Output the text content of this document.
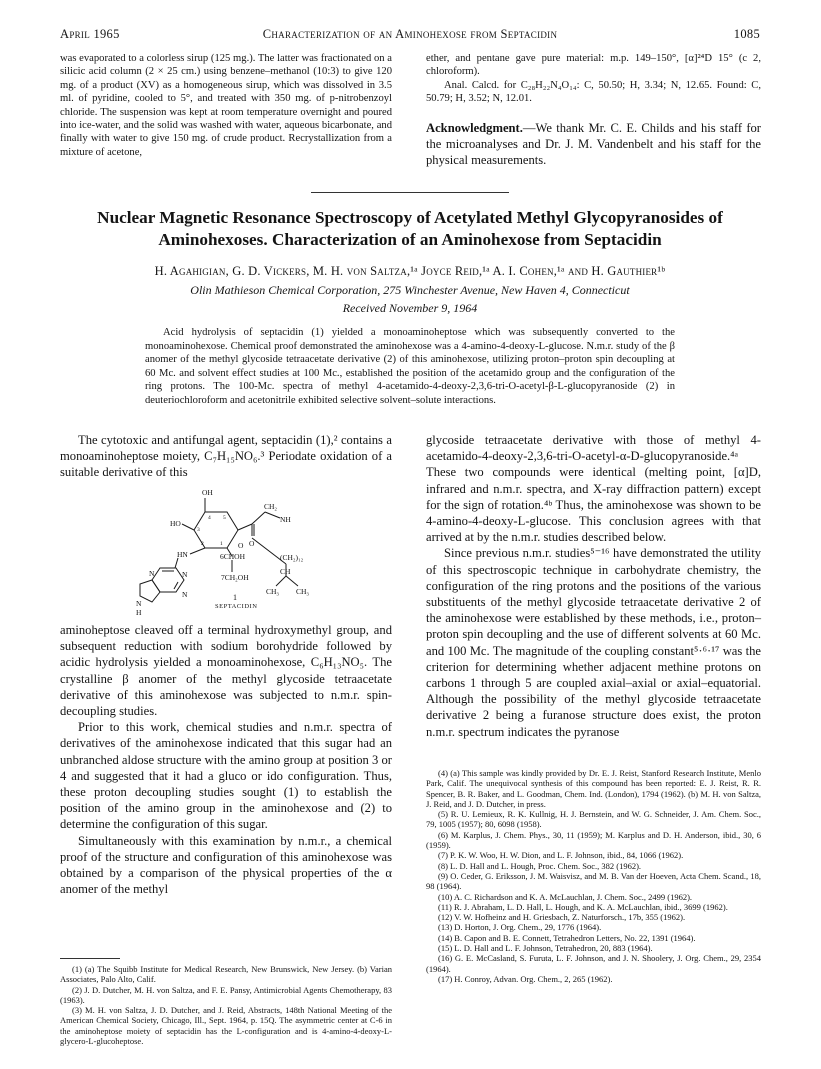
April 1965	Characterization of an Aminohexose from Septacidin	1085

was evaporated to a colorless sirup (125 mg.). The latter was fractionated on a silicic acid column (2 × 25 cm.) using benzene–methanol (10:3) to give 120 mg. of a product (XV) as a homogeneous sirup, which was dissolved in 3.5 ml. of pyridine, cooled to 5°, and treated with 350 mg. of p-nitrobenzoyl chloride. The suspension was kept at room temperature overnight and poured into ice-water, and the solid was washed with water, aqueous bicarbonate, and finally with water to give 150 mg. of crude product. Recrystallization from a mixture of acetone,

ether, and pentane gave pure material: m.p. 149–150°, [α]²⁴D 15° (c 2, chloroform).

Anal. Calcd. for C₂₈H₂₂N₄O₁₄: C, 50.50; H, 3.34; N, 12.65. Found: C, 50.79; H, 3.52; N, 12.01.

Acknowledgment.—We thank Mr. C. E. Childs and his staff for the microanalyses and Dr. J. M. Vandenbelt and his staff for the physical measurements.

Nuclear Magnetic Resonance Spectroscopy of Acetylated Methyl Glycopyranosides of Aminohexoses. Characterization of an Aminohexose from Septacidin
H. Agahigian, G. D. Vickers, M. H. von Saltza,¹ᵃ Joyce Reid,¹ᵃ A. I. Cohen,¹ᵃ and H. Gauthier¹ᵇ
Olin Mathieson Chemical Corporation, 275 Winchester Avenue, New Haven 4, Connecticut
Received November 9, 1964

Acid hydrolysis of septacidin (1) yielded a monoaminoheptose which was subsequently converted to the monoaminohexose. Chemical proof demonstrated the aminohexose was a 4-amino-4-deoxy-L-glucose. N.m.r. study of the β anomer of the methyl glycoside tetraacetate derivative (2) of this aminohexose, utilizing proton–proton spin decoupling at 60 Mc. and solvent effect studies at 100 Mc., established the position of the acetamido group and the configuration of the ring protons. The 100-Mc. spectra of methyl 4-acetamido-4-deoxy-2,3,6-tri-O-acetyl-β-L-glucopyranoside (2) in deuteriochloroform and acetonitrile exhibited selective solvent–solute interactions.

The cytotoxic and antifungal agent, septacidin (1),² contains a monoaminoheptose moiety, C₇H₁₅NO₆.³ Periodate oxidation of a suitable derivative of this

OH
HO
CH₂
NH
O
HN
O
6CHOH
7CH₂OH
(CH₂)₁₂
CH
CH₃ CH₃
N	N
N
N
H
1
2
3
4 5
1
SEPTACIDIN

aminoheptose cleaved off a terminal hydroxymethyl group, and subsequent reduction with sodium borohydride followed by acidic hydrolysis yielded a monoaminohexose, C₆H₁₃NO₅. The crystalline β anomer of the methyl glycoside tetraacetate derivative of this aminohexose was subjected to n.m.r. spin-decoupling studies.

Prior to this work, chemical studies and n.m.r. spectra of derivatives of the aminohexose indicated that this sugar had an unbranched aldose structure with the amino group at position 3 or 4 and suggested that it had a gluco or ido configuration. Thus, these proton decoupling studies sought (1) to establish the position of the amino group in the aminohexose and (2) to determine the configuration of this sugar.

Simultaneously with this examination by n.m.r., a chemical proof of the structure and configuration of this aminohexose was obtained by a comparison of the physical properties of the α anomer of the methyl

glycoside tetraacetate derivative with those of methyl 4-acetamido-4-deoxy-2,3,6-tri-O-acetyl-α-D-glucopyranoside.⁴ᵃ These two compounds were identical (melting point, [α]D, infrared and n.m.r. spectra, and X-ray diffraction pattern) except for the sign of rotation.⁴ᵇ Thus, the aminohexose was shown to be 4-amino-4-deoxy-L-glucose. This conclusion agrees with that arrived at by the n.m.r. studies described below.

Since previous n.m.r. studies⁵⁻¹⁶ have demonstrated the utility of this spectroscopic technique in carbohydrate chemistry, the configuration of the ring protons and the positions of the various substituents of the methyl glycoside tetraacetate derivative 2 of the aminohexose were established by these methods, i.e., proton–proton spin decoupling and the use of different solvents at 60 Mc. and 100 Mc. The magnitude of the coupling constant⁵·⁶·¹⁷ was the criterion for determining whether adjacent methine protons on carbons 1 through 5 are coupled axial–axial or axial–equatorial. Although the possibility of the methyl glycoside tetraacetate derivative 2 being a furanose structure does exist, the proton n.m.r. spectrum indicates the pyranose

(1) (a) The Squibb Institute for Medical Research, New Brunswick, New Jersey. (b) Varian Associates, Palo Alto, Calif.

(2) J. D. Dutcher, M. H. von Saltza, and F. E. Pansy, Antimicrobial Agents Chemotherapy, 83 (1963).

(3) M. H. von Saltza, J. D. Dutcher, and J. Reid, Abstracts, 148th National Meeting of the American Chemical Society, Chicago, Ill., Sept. 1964, p. 15Q. The asymmetric center at C-6 in the aminoheptose moiety of septacidin has the L-configuration and is 4-amino-4-deoxy-L-glycero-L-glucoheptose.

(4) (a) This sample was kindly provided by Dr. E. J. Reist, Stanford Research Institute, Menlo Park, Calif. The unequivocal synthesis of this compound has been reported: E. J. Reist, R. R. Spencer, B. R. Baker, and L. Goodman, Chem. Ind. (London), 1794 (1962). (b) M. H. von Saltza, J. Reid, and J. D. Dutcher, in press.

(5) R. U. Lemieux, R. K. Kullnig, H. J. Bernstein, and W. G. Schneider, J. Am. Chem. Soc., 79, 1005 (1957); 80, 6098 (1958).

(6) M. Karplus, J. Chem. Phys., 30, 11 (1959); M. Karplus and D. H. Anderson, ibid., 30, 6 (1959).

(7) P. K. W. Woo, H. W. Dion, and L. F. Johnson, ibid., 84, 1066 (1962).

(8) L. D. Hall and L. Hough, Proc. Chem. Soc., 382 (1962).

(9) O. Ceder, G. Eriksson, J. M. Waisvisz, and M. B. Van der Hoeven, Acta Chem. Scand., 18, 98 (1964).

(10) A. C. Richardson and K. A. McLauchlan, J. Chem. Soc., 2499 (1962).

(11) R. J. Abraham, L. D. Hall, L. Hough, and K. A. McLauchlan, ibid., 3699 (1962).

(12) V. W. Hofheinz and H. Griesbach, Z. Naturforsch., 17b, 355 (1962).

(13) D. Horton, J. Org. Chem., 29, 1776 (1964).

(14) B. Capon and B. E. Connett, Tetrahedron Letters, No. 22, 1391 (1964).

(15) L. D. Hall and L. F. Johnson, Tetrahedron, 20, 883 (1964).

(16) G. E. McCasland, S. Furuta, L. F. Johnson, and J. N. Shoolery, J. Org. Chem., 29, 2354 (1964).

(17) H. Conroy, Advan. Org. Chem., 2, 265 (1962).
